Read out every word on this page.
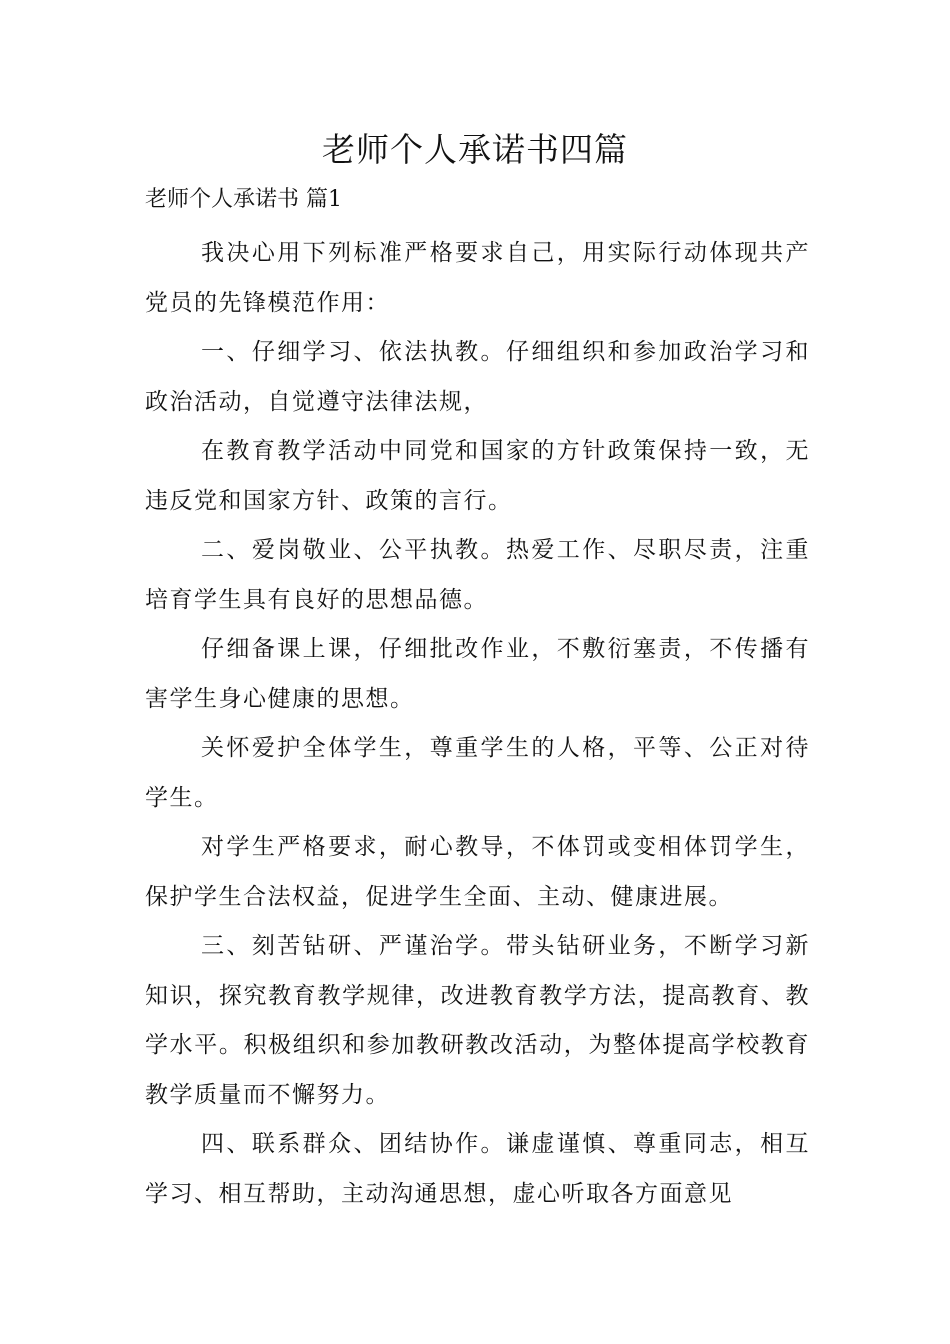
老师个人承诺书四篇

老师个人承诺书 篇1

我决心用下列标准严格要求自己，用实际行动体现共产党员的先锋模范作用：

一、仔细学习、依法执教。仔细组织和参加政治学习和政治活动，自觉遵守法律法规，

在教育教学活动中同党和国家的方针政策保持一致，无违反党和国家方针、政策的言行。

二、爱岗敬业、公平执教。热爱工作、尽职尽责，注重培育学生具有良好的思想品德。

仔细备课上课，仔细批改作业，不敷衍塞责，不传播有害学生身心健康的思想。

关怀爱护全体学生，尊重学生的人格，平等、公正对待学生。

对学生严格要求，耐心教导，不体罚或变相体罚学生，保护学生合法权益，促进学生全面、主动、健康进展。

三、刻苦钻研、严谨治学。带头钻研业务，不断学习新知识，探究教育教学规律，改进教育教学方法，提高教育、教学水平。积极组织和参加教研教改活动，为整体提高学校教育教学质量而不懈努力。

四、联系群众、团结协作。谦虚谨慎、尊重同志，相互学习、相互帮助，主动沟通思想，虚心听取各方面意见
